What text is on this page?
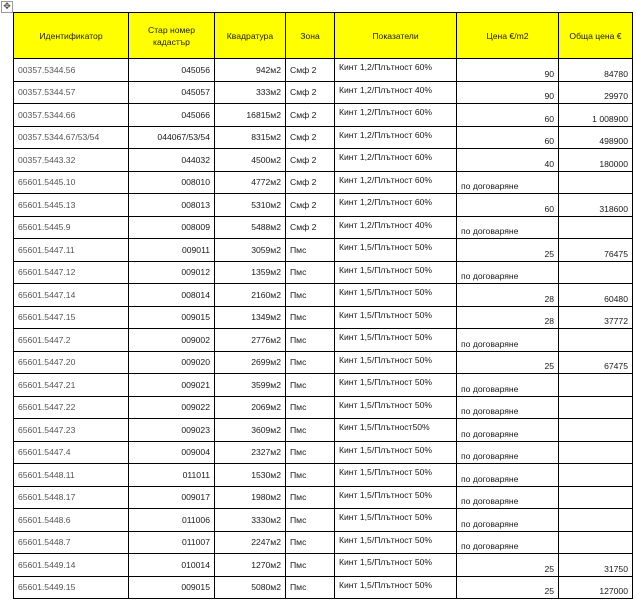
✥
Идентификатор	Стар номер кадастър	Квадратура	Зона	Показатели	Цена €/m2	Обща цена €
00357.5344.56	045056	942м2	Смф 2	Кинт 1,2/Плътност 60%	90	84780
00357.5344.57	045057	333м2	Смф 2	Кинт 1,2/Плътност 40%	90	29970
00357.5344.66	045066	16815м2	Смф 2	Кинт 1,2/Плътност 60%	60	1 008900
00357.5344.67/53/54	044067/53/54	8315м2	Смф 2	Кинт 1,2/Плътност 60%	60	498900
00357.5443.32	044032	4500м2	Смф 2	Кинт 1,2/Плътност 60%	40	180000
65601.5445.10	008010	4772м2	Смф 2	Кинт 1,2/Плътност 60%	по договаряне	
65601.5445.13	008013	5310м2	Смф 2	Кинт 1,2/Плътност 60%	60	318600
65601.5445.9	008009	5488м2	Смф 2	Кинт 1,2/Плътност 40%	по договаряне	
65601.5447.11	009011	3059м2	Пмс	Кинт 1,5/Плътност 50%	25	76475
65601.5447.12	009012	1359м2	Пмс	Кинт 1,5/Плътност 50%	по договаряне	
65601.5447.14	008014	2160м2	Пмс	Кинт 1,5/Плътност 50%	28	60480
65601.5447.15	009015	1349м2	Пмс	Кинт 1,5/Плътност 50%	28	37772
65601.5447.2	009002	2776м2	Пмс	Кинт 1,5/Плътност 50%	по договаряне	
65601.5447.20	009020	2699м2	Пмс	Кинт 1,5/Плътност 50%	25	67475
65601.5447.21	009021	3599м2	Пмс	Кинт 1,5/Плътност 50%	по договаряне	
65601.5447.22	009022	2069м2	Пмс	Кинт 1,5/Плътност 50%	по договаряне	
65601.5447.23	009023	3609м2	Пмс	Кинт 1,5/Плътност50%	по договаряне	
65601.5447.4	009004	2327м2	Пмс	Кинт 1,5/Плътност 50%	по договаряне	
65601.5448.11	011011	1530м2	Пмс	Кинт 1,5/Плътност 50%	по договаряне	
65601.5448.17	009017	1980м2	Пмс	Кинт 1,5/Плътност 50%	по договаряне	
65601.5448.6	011006	3330м2	Пмс	Кинт 1,5/Плътност 50%	по договаряне	
65601.5448.7	011007	2247м2	Пмс	Кинт 1,5/Плътност 50%	по договаряне	
65601.5449.14	010014	1270м2	Пмс	Кинт 1,5/Плътност 50%	25	31750
65601.5449.15	009015	5080м2	Пмс	Кинт 1,5/Плътност 50%	25	127000
